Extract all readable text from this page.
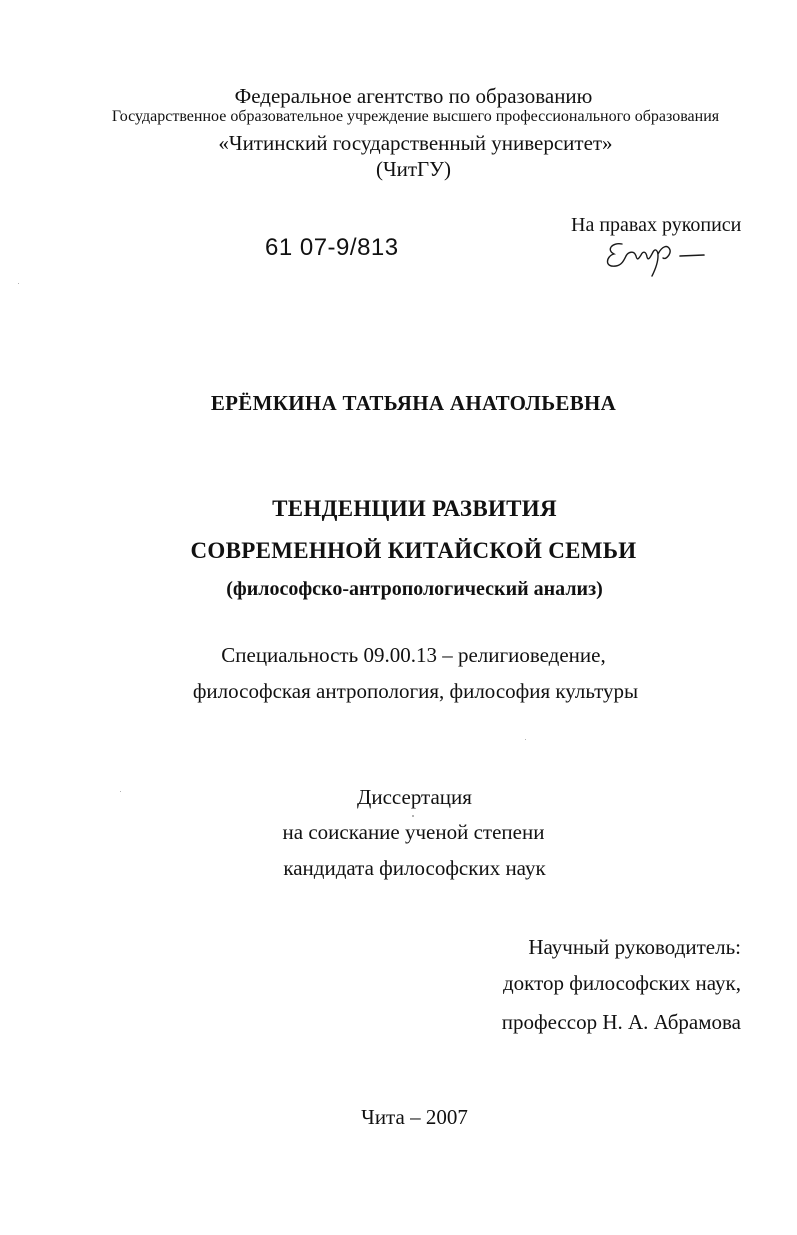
Федеральное агентство по образованию
Государственное образовательное учреждение высшего профессионального образования
«Читинский государственный университет»
(ЧитГУ)
61 07-9/813
На правах рукописи
ЕРЁМКИНА ТАТЬЯНА АНАТОЛЬЕВНА
ТЕНДЕНЦИИ РАЗВИТИЯ
СОВРЕМЕННОЙ КИТАЙСКОЙ СЕМЬИ
(философско-антропологический анализ)
Специальность 09.00.13 – религиоведение,
философская антропология, философия культуры
Диссертация
на соискание ученой степени
кандидата философских наук
Научный руководитель:
доктор философских наук,
профессор Н. А. Абрамова
Чита – 2007
